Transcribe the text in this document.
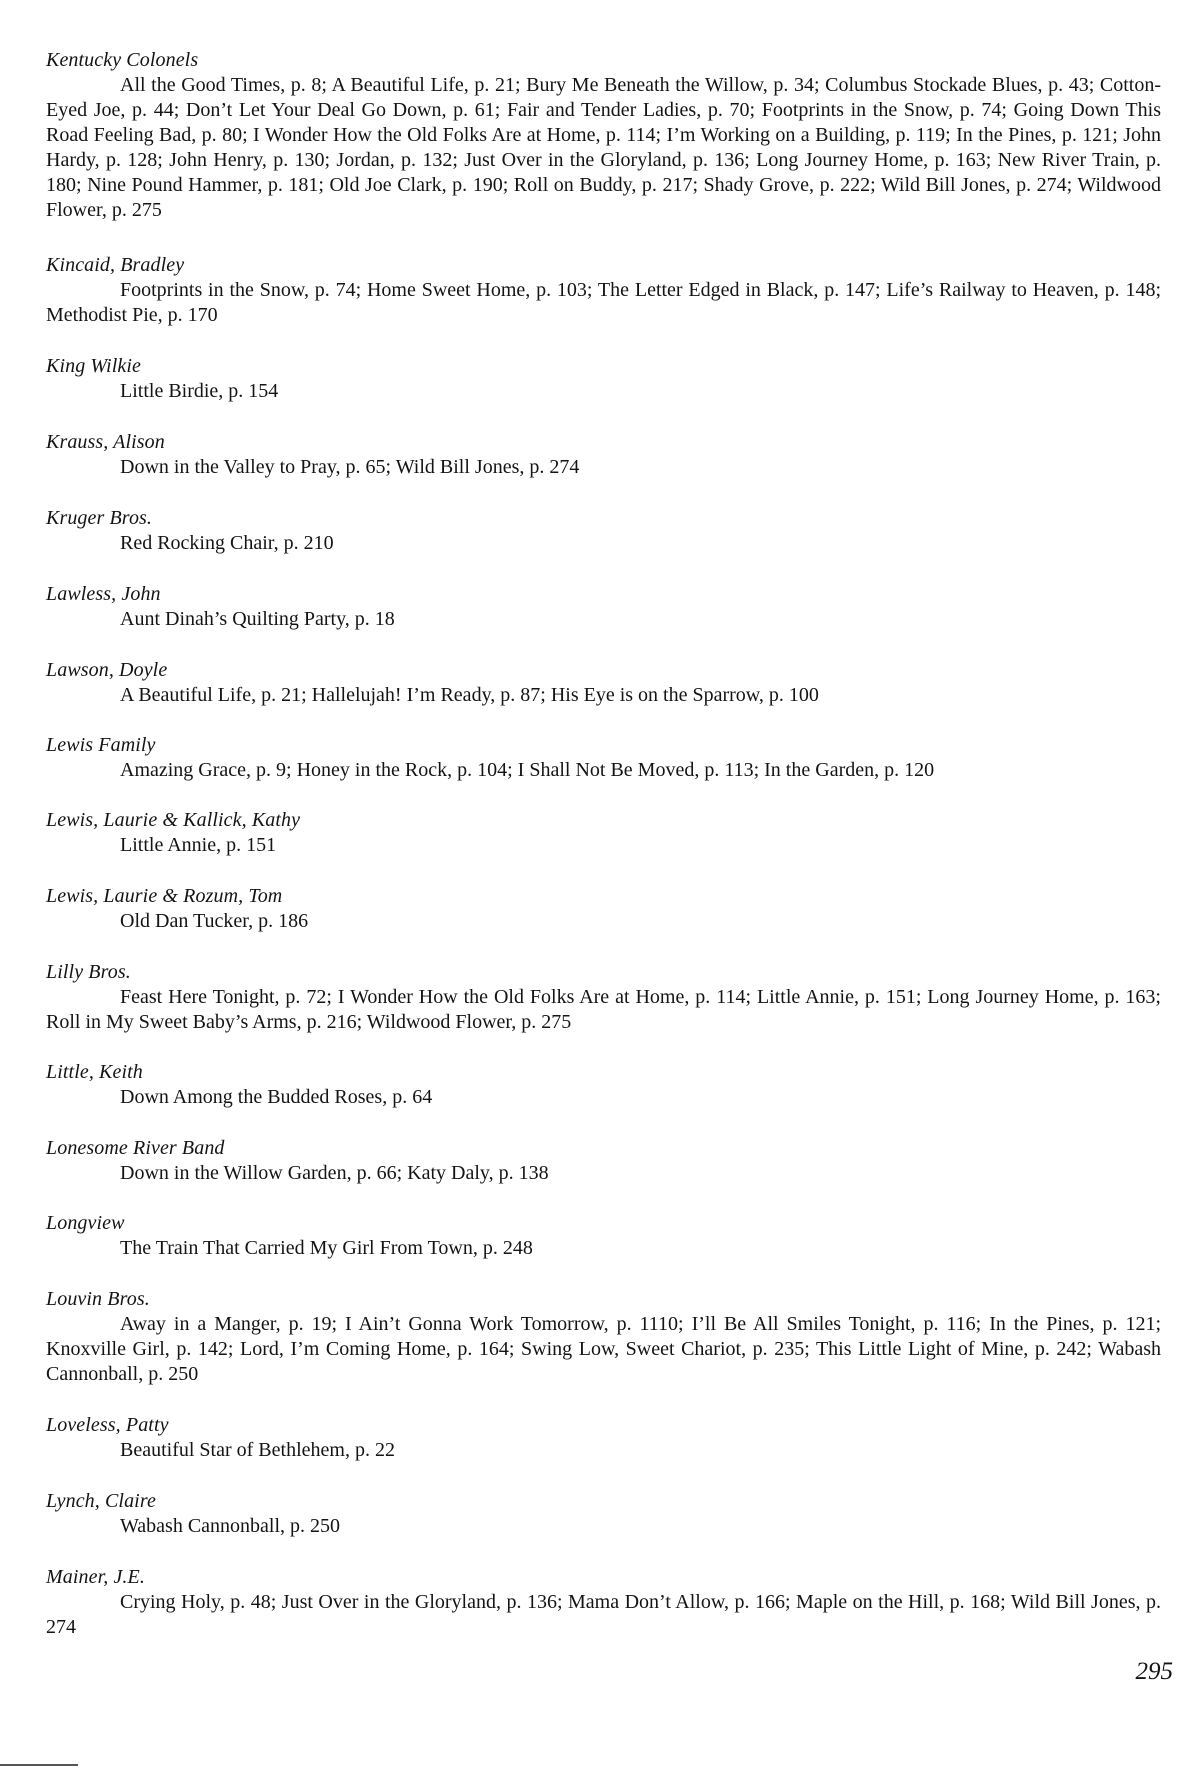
Kentucky Colonels
All the Good Times, p. 8; A Beautiful Life, p. 21; Bury Me Beneath the Willow, p. 34; Columbus Stockade Blues, p. 43; Cotton-Eyed Joe, p. 44; Don’t Let Your Deal Go Down, p. 61; Fair and Tender Ladies, p. 70; Footprints in the Snow, p. 74; Going Down This Road Feeling Bad, p. 80; I Wonder How the Old Folks Are at Home, p. 114; I’m Working on a Building, p. 119; In the Pines, p. 121; John Hardy, p. 128; John Henry, p. 130; Jordan, p. 132; Just Over in the Gloryland, p. 136; Long Journey Home, p. 163; New River Train, p. 180; Nine Pound Hammer, p. 181; Old Joe Clark, p. 190; Roll on Buddy, p. 217; Shady Grove, p. 222; Wild Bill Jones, p. 274; Wildwood Flower, p. 275
Kincaid, Bradley
Footprints in the Snow, p. 74; Home Sweet Home, p. 103; The Letter Edged in Black, p. 147; Life’s Railway to Heaven, p. 148; Methodist Pie, p. 170
King Wilkie
Little Birdie, p. 154
Krauss, Alison
Down in the Valley to Pray, p. 65; Wild Bill Jones, p. 274
Kruger Bros.
Red Rocking Chair, p. 210
Lawless, John
Aunt Dinah’s Quilting Party, p. 18
Lawson, Doyle
A Beautiful Life, p. 21; Hallelujah! I’m Ready, p. 87; His Eye is on the Sparrow, p. 100
Lewis Family
Amazing Grace, p. 9; Honey in the Rock, p. 104; I Shall Not Be Moved, p. 113; In the Garden, p. 120
Lewis, Laurie & Kallick, Kathy
Little Annie, p. 151
Lewis, Laurie & Rozum, Tom
Old Dan Tucker, p. 186
Lilly Bros.
Feast Here Tonight, p. 72; I Wonder How the Old Folks Are at Home, p. 114; Little Annie, p. 151; Long Journey Home, p. 163; Roll in My Sweet Baby’s Arms, p. 216; Wildwood Flower, p. 275
Little, Keith
Down Among the Budded Roses, p. 64
Lonesome River Band
Down in the Willow Garden, p. 66; Katy Daly, p. 138
Longview
The Train That Carried My Girl From Town, p. 248
Louvin Bros.
Away in a Manger, p. 19; I Ain’t Gonna Work Tomorrow, p. 1110; I’ll Be All Smiles Tonight, p. 116; In the Pines, p. 121; Knoxville Girl, p. 142; Lord, I’m Coming Home, p. 164; Swing Low, Sweet Chariot, p. 235; This Little Light of Mine, p. 242; Wabash Cannonball, p. 250
Loveless, Patty
Beautiful Star of Bethlehem, p. 22
Lynch, Claire
Wabash Cannonball, p. 250
Mainer, J.E.
Crying Holy, p. 48; Just Over in the Gloryland, p. 136; Mama Don’t Allow, p. 166; Maple on the Hill, p. 168; Wild Bill Jones, p. 274
295
